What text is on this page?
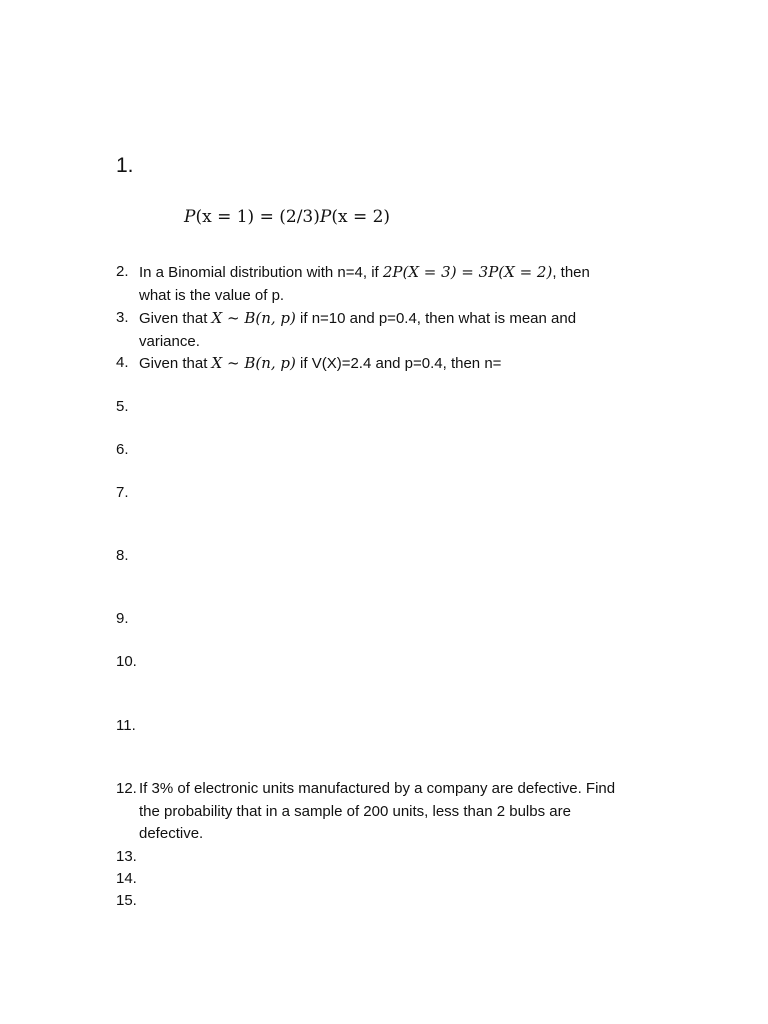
1.
P(x = 1) = (2/3)P(x = 2)
2. In a Binomial distribution with n=4, if 2P(X = 3) = 3P(X = 2), then
what is the value of p.
3. Given that X ~ B(n, p) if n=10 and p=0.4, then what is mean and
variance.
4. Given that X ~ B(n, p) if V(X)=2.4 and p=0.4, then n=
5.
6.
7.
8.
9.
10.
11.
12. If 3% of electronic units manufactured by a company are defective. Find
the probability that in a sample of 200 units, less than 2 bulbs are
defective.
13.
14.
15.
